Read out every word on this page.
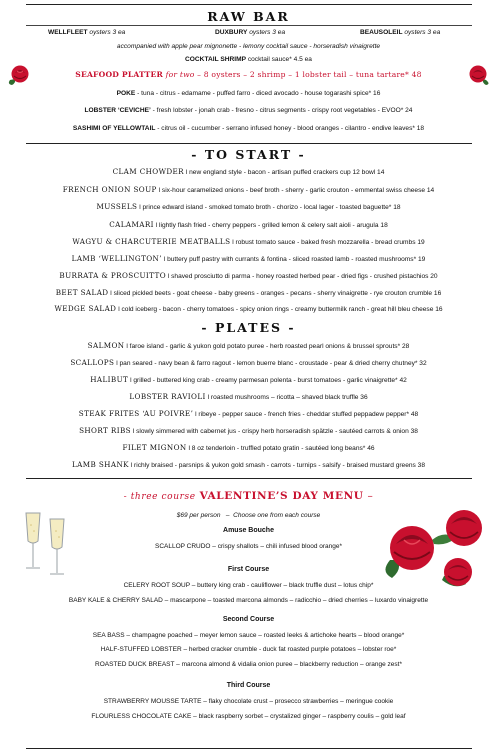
RAW BAR
WELLFLEET oysters 3 ea	DUXBURY oysters 3 ea	BEAUSOLEIL oysters 3 ea
accompanied with apple pear mignonette - lemony cocktail sauce - horseradish vinaigrette
COCKTAIL SHRIMP cocktail sauce* 4.5 ea
SEAFOOD PLATTER for two – 8 oysters – 2 shrimp – 1 lobster tail – tuna tartare* 48
POKE - tuna - citrus - edamame - puffed farro - diced avocado - house togarashi spice* 16
LOBSTER ‘CEVICHE’ - fresh lobster - jonah crab - fresno - citrus segments - crispy root vegetables - EVOO* 24
SASHIMI OF YELLOWTAIL - citrus oil - cucumber - serrano infused honey - blood oranges - cilantro - endive leaves* 18
- TO START -
CLAM CHOWDER l new england style - bacon - artisan puffed crackers cup 12 bowl 14
FRENCH ONION SOUP l six-hour caramelized onions - beef broth - sherry - garlic crouton - emmental swiss cheese 14
MUSSELS l prince edward island - smoked tomato broth - chorizo - local lager - toasted baguette* 18
CALAMARI l lightly flash fried - cherry peppers - grilled lemon & celery salt aioli - arugula 18
WAGYU & CHARCUTERIE MEATBALLS l robust tomato sauce - baked fresh mozzarella - bread crumbs 19
LAMB ‘WELLINGTON’ l buttery puff pastry with currants & fontina - sliced roasted lamb - roasted mushrooms* 19
BURRATA & PROSCUITTO l shaved prosciutto di parma - honey roasted herbed pear - dried figs - crushed pistachios 20
BEET SALAD l sliced pickled beets - goat cheese - baby greens - oranges - pecans - sherry vinaigrette - rye crouton crumble 16
WEDGE SALAD l cold iceberg - bacon - cherry tomatoes - spicy onion rings - creamy buttermilk ranch - great hill bleu cheese 16
- PLATES -
SALMON l faroe island - garlic & yukon gold potato puree - herb roasted pearl onions & brussel sprouts* 28
SCALLOPS l pan seared - navy bean & farro ragout - lemon buerre blanc - croustade - pear & dried cherry chutney* 32
HALIBUT l grilled - buttered king crab - creamy parmesan polenta - burst tomatoes - garlic vinaigrette* 42
LOBSTER RAVIOLI l roasted mushrooms – ricotta – shaved black truffle 36
STEAK FRITES ‘AU POIVRE’ l ribeye - pepper sauce - french fries - cheddar stuffed peppadew pepper* 48
SHORT RIBS l slowly simmered with cabernet jus - crispy herb horseradish spätzle - sautéed carrots & onion 38
FILET MIGNON l 8 oz tenderloin - truffled potato gratin - sautéed long beans* 46
LAMB SHANK l richly braised - parsnips & yukon gold smash - carrots - turnips - salsify - braised mustard greens 38
- three course VALENTINE’S DAY MENU –
$69 per person   –  Choose one from each course
Amuse Bouche
SCALLOP CRUDO – crispy shallots – chili infused blood orange*
First Course
CELERY ROOT SOUP – buttery king crab - cauliflower – black truffle dust – lotus chip*
BABY KALE & CHERRY SALAD – mascarpone – toasted marcona almonds – radicchio – dried cherries – luxardo vinaigrette
Second Course
SEA BASS – champagne poached – meyer lemon sauce – roasted leeks & artichoke hearts – blood orange*
HALF-STUFFED LOBSTER – herbed cracker crumble - duck fat roasted purple potatoes – lobster roe*
ROASTED DUCK BREAST – marcona almond & vidalia onion puree – blackberry reduction – orange zest*
Third Course
STRAWBERRY MOUSSE TARTE – flaky chocolate crust – prosecco strawberries – meringue cookie
FLOURLESS CHOCOLATE CAKE – black raspberry sorbet – crystalized ginger – raspberry coulis – gold leaf
